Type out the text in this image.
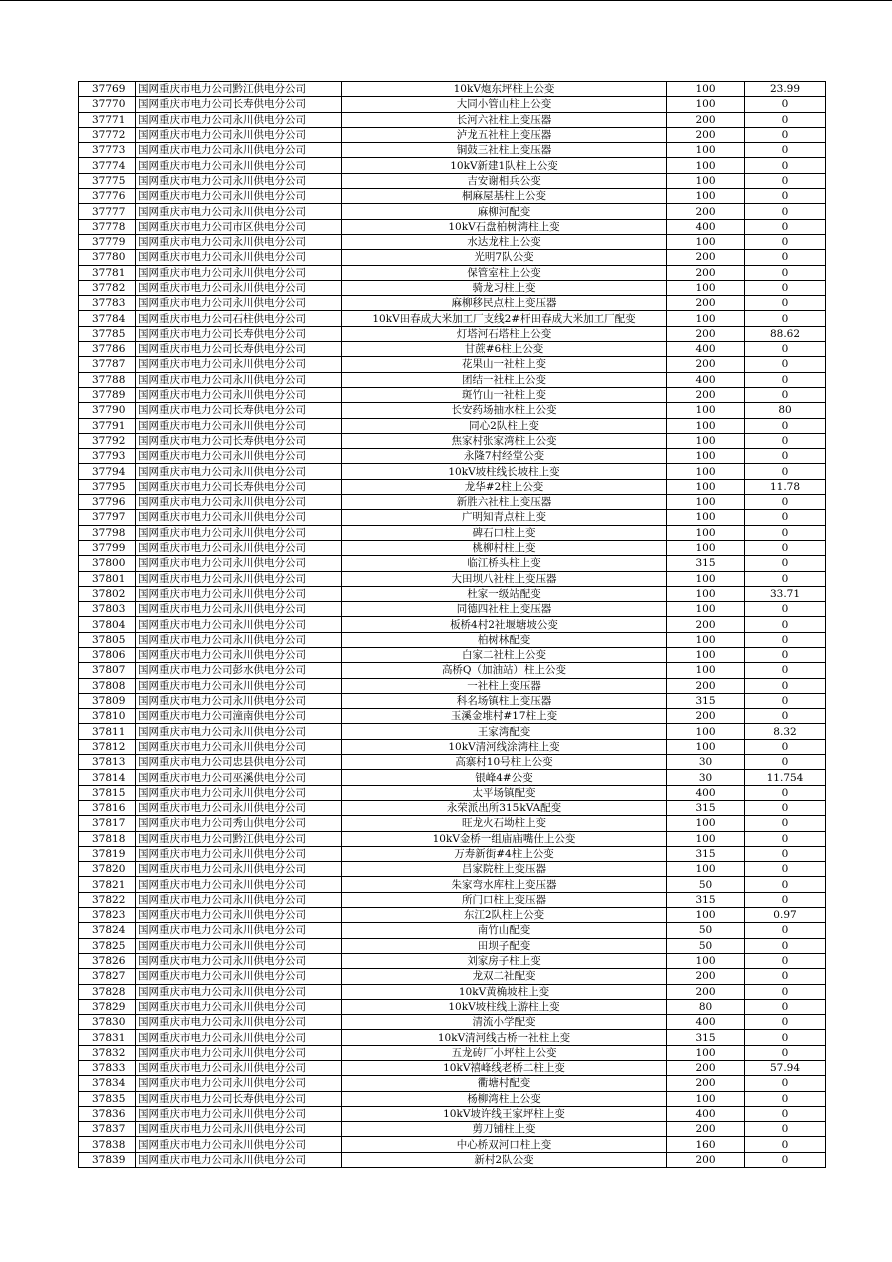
37769	国网重庆市电力公司黔江供电分公司	10kV炮东坪柱上公变	100	23.99
37770	国网重庆市电力公司长寿供电分公司	大同小管山柱上公变	100	0
37771	国网重庆市电力公司永川供电分公司	长河六社柱上变压器	200	0
37772	国网重庆市电力公司永川供电分公司	泸龙五社柱上变压器	200	0
37773	国网重庆市电力公司永川供电分公司	铜鼓三社柱上变压器	100	0
37774	国网重庆市电力公司永川供电分公司	10kV新建1队柱上公变	100	0
37775	国网重庆市电力公司永川供电分公司	吉安谢相兵公变	100	0
37776	国网重庆市电力公司永川供电分公司	桐麻屋基柱上公变	100	0
37777	国网重庆市电力公司永川供电分公司	麻柳河配变	200	0
37778	国网重庆市电力公司市区供电分公司	10kV石盘柏树湾柱上变	400	0
37779	国网重庆市电力公司永川供电分公司	水达龙柱上公变	100	0
37780	国网重庆市电力公司永川供电分公司	光明7队公变	200	0
37781	国网重庆市电力公司永川供电分公司	保管室柱上公变	200	0
37782	国网重庆市电力公司永川供电分公司	骑龙习柱上变	100	0
37783	国网重庆市电力公司永川供电分公司	麻柳移民点柱上变压器	200	0
37784	国网重庆市电力公司石柱供电分公司	10kV田春成大米加工厂支线2#杆田春成大米加工厂配变	100	0
37785	国网重庆市电力公司长寿供电分公司	灯塔河石塔柱上公变	200	88.62
37786	国网重庆市电力公司长寿供电分公司	甘蔗#6柱上公变	400	0
37787	国网重庆市电力公司永川供电分公司	花果山一社柱上变	200	0
37788	国网重庆市电力公司永川供电分公司	团结一社柱上公变	400	0
37789	国网重庆市电力公司永川供电分公司	斑竹山一社柱上变	200	0
37790	国网重庆市电力公司长寿供电分公司	长安药场抽水柱上公变	100	80
37791	国网重庆市电力公司永川供电分公司	同心2队柱上变	100	0
37792	国网重庆市电力公司长寿供电分公司	焦家村张家湾柱上公变	100	0
37793	国网重庆市电力公司永川供电分公司	永隆7村经堂公变	100	0
37794	国网重庆市电力公司永川供电分公司	10kV坡柱线长坡柱上变	100	0
37795	国网重庆市电力公司长寿供电分公司	龙华#2柱上公变	100	11.78
37796	国网重庆市电力公司永川供电分公司	新胜六社柱上变压器	100	0
37797	国网重庆市电力公司永川供电分公司	广明知青点柱上变	100	0
37798	国网重庆市电力公司永川供电分公司	碑石口柱上变	100	0
37799	国网重庆市电力公司永川供电分公司	桃柳村柱上变	100	0
37800	国网重庆市电力公司永川供电分公司	临江桥头柱上变	315	0
37801	国网重庆市电力公司永川供电分公司	大田坝八社柱上变压器	100	0
37802	国网重庆市电力公司永川供电分公司	杜家一级站配变	100	33.71
37803	国网重庆市电力公司永川供电分公司	同德四社柱上变压器	100	0
37804	国网重庆市电力公司永川供电分公司	板桥4村2社堰塘坡公变	200	0
37805	国网重庆市电力公司永川供电分公司	柏树林配变	100	0
37806	国网重庆市电力公司永川供电分公司	白家二社柱上公变	100	0
37807	国网重庆市电力公司彭水供电分公司	高桥Q（加油站）柱上公变	100	0
37808	国网重庆市电力公司永川供电分公司	一社柱上变压器	200	0
37809	国网重庆市电力公司永川供电分公司	科名场镇柱上变压器	315	0
37810	国网重庆市电力公司潼南供电分公司	玉溪金堆村#17柱上变	200	0
37811	国网重庆市电力公司永川供电分公司	王家湾配变	100	8.32
37812	国网重庆市电力公司永川供电分公司	10kV清河线涂湾柱上变	100	0
37813	国网重庆市电力公司忠县供电分公司	高寨村10号柱上公变	30	0
37814	国网重庆市电力公司巫溪供电分公司	银峰4#公变	30	11.754
37815	国网重庆市电力公司永川供电分公司	太平场镇配变	400	0
37816	国网重庆市电力公司永川供电分公司	永荣派出所315kVA配变	315	0
37817	国网重庆市电力公司秀山供电分公司	旺龙火石坳柱上变	100	0
37818	国网重庆市电力公司黔江供电分公司	10kV金桥一组庙庙嘴仕上公变	100	0
37819	国网重庆市电力公司永川供电分公司	万寿新街#4柱上公变	315	0
37820	国网重庆市电力公司永川供电分公司	吕家院柱上变压器	100	0
37821	国网重庆市电力公司永川供电分公司	朱家弯水库柱上变压器	50	0
37822	国网重庆市电力公司永川供电分公司	所门口柱上变压器	315	0
37823	国网重庆市电力公司永川供电分公司	东江2队柱上公变	100	0.97
37824	国网重庆市电力公司永川供电分公司	南竹山配变	50	0
37825	国网重庆市电力公司永川供电分公司	田坝子配变	50	0
37826	国网重庆市电力公司永川供电分公司	刘家房子柱上变	100	0
37827	国网重庆市电力公司永川供电分公司	龙双二社配变	200	0
37828	国网重庆市电力公司永川供电分公司	10kV黄桷坡柱上变	200	0
37829	国网重庆市电力公司永川供电分公司	10kV坡柱线上游柱上变	80	0
37830	国网重庆市电力公司永川供电分公司	清流小学配变	400	0
37831	国网重庆市电力公司永川供电分公司	10kV清河线古桥一社柱上变	315	0
37832	国网重庆市电力公司永川供电分公司	五龙砖厂小坪柱上公变	100	0
37833	国网重庆市电力公司永川供电分公司	10kV禧峰线老桥二柱上变	200	57.94
37834	国网重庆市电力公司永川供电分公司	衢塘村配变	200	0
37835	国网重庆市电力公司长寿供电分公司	杨柳湾柱上公变	100	0
37836	国网重庆市电力公司永川供电分公司	10kV坡许线王家坪柱上变	400	0
37837	国网重庆市电力公司永川供电分公司	剪刀铺柱上变	200	0
37838	国网重庆市电力公司永川供电分公司	中心桥双河口柱上变	160	0
37839	国网重庆市电力公司永川供电分公司	新村2队公变	200	0
